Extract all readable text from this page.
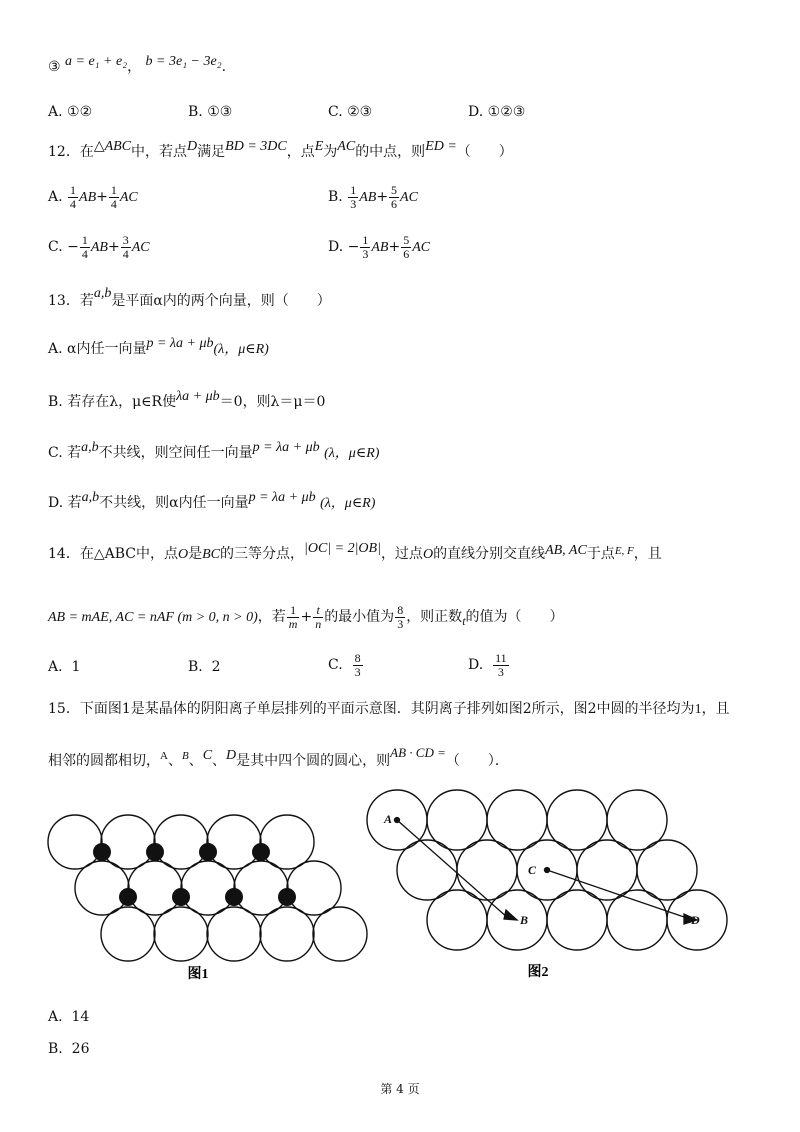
③ a = e₁ + e₂， b = 3e₁ − 3e₂.
A. ①②	B. ①③	C. ②③	D. ①②③
12．在△ABC中，若点D满足BD = 3DC，点E为AC的中点，则ED =（　　）
A. $\frac{1}{4} AB+ \frac{1}{4}$ AC	B. $\frac{1}{3} AB+ \frac{5}{6}$ AC
C. − $\frac{1}{4} AB+ \frac{3}{4}$ AC	D. − $\frac{1}{3} AB+ \frac{5}{6}$ AC
13．若a,b是平面α内的两个向量，则（　　）
A. α内任一向量p = λa + μb(λ，μ∈R)
B. 若存在λ，μ∈R使λa + μb＝0，则λ＝μ＝0
C. 若a,b不共线，则空间任一向量p = λa + μb (λ，μ∈R)
D. 若a,b不共线，则α内任一向量p = λa + μb (λ，μ∈R)
14．在△ABC中，点O是BC的三等分点，|OC| = 2|OB|，过点O的直线分别交直线AB, AC于点$^{E, F}$，且
AB = mAE, AC = nAF (m > 0, n > 0)，若 $\frac{1}{m} + \frac{t}{n}$ 的最小值为 $\frac{8}{3}$ ，则正数t的值为（　　）
A. 1	B. 2	C. $\frac{8}{3}$	D. $\frac{11}{3}$
15．下面图1是某晶体的阴阳离子单层排列的平面示意图．其阴离子排列如图2所示，图2中圆的半径均为1，且
相邻的圆都相切，$^A$、$^B$、C、D是其中四个圆的圆心，则AB · CD =（　　）．
图1
A
B
C
D
图2
A. 14
B. 26
第 4 页
